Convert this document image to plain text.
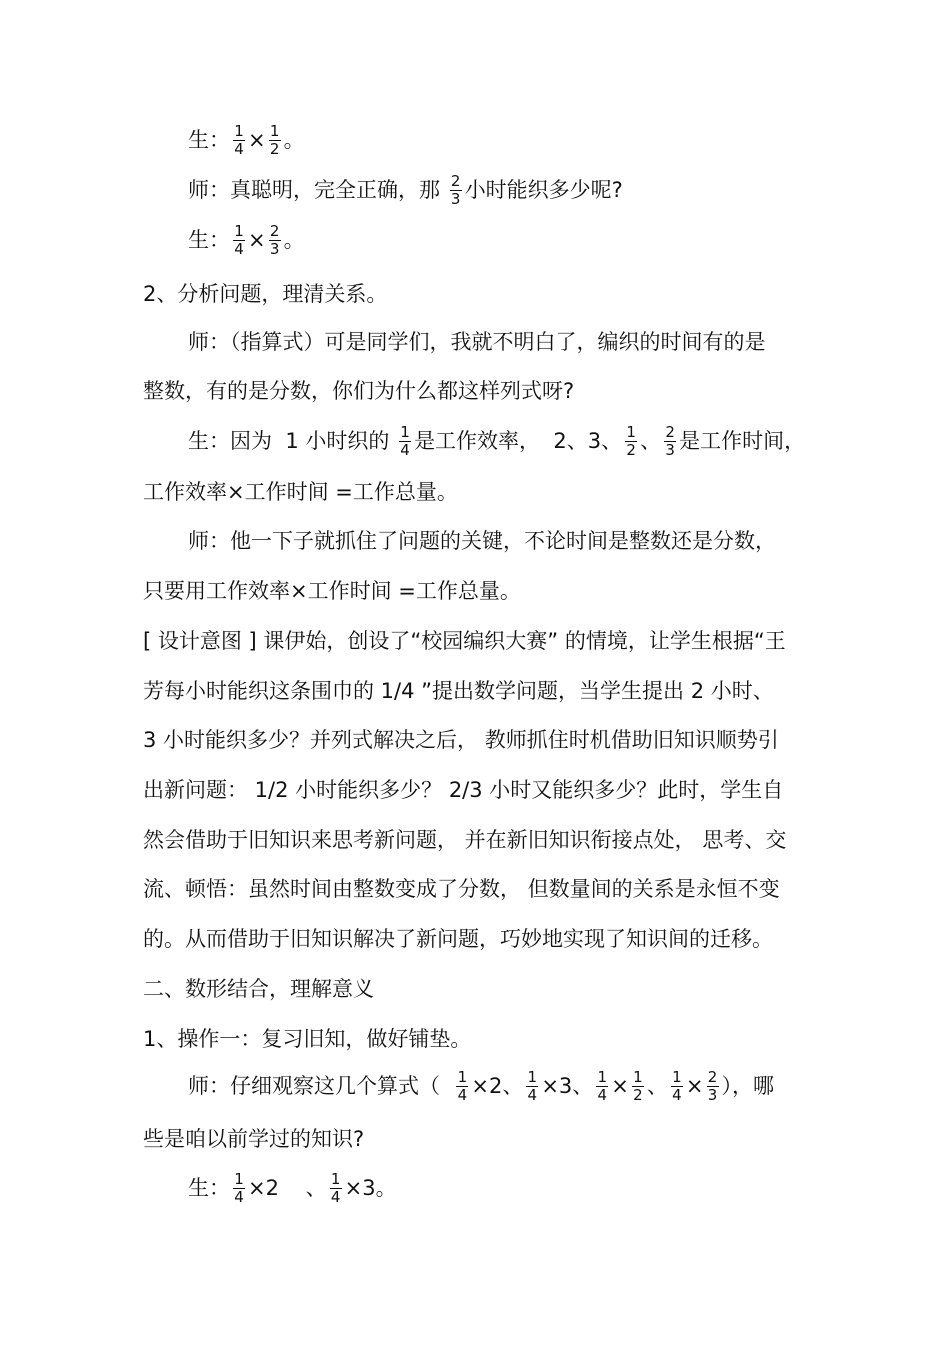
生： $\frac{1}{4} \times \frac{1}{2}$ 。
师：真聪明，完全正确，那 $\frac{2}{3}$ 小时能织多少呢?
生： $\frac{1}{4} \times \frac{2}{3}$ 。
2、分析问题，理清关系。
师：（指算式）可是同学们，我就不明白了，编织的时间有的是
整数，有的是分数，你们为什么都这样列式呀?
生：因为  1 小时织的 $\frac{1}{4}$ 是工作效率，  2、3、 $\frac{1}{2}$ 、 $\frac{2}{3}$ 是工作时间，
工作效率×工作时间 =工作总量。
师：他一下子就抓住了问题的关键，不论时间是整数还是分数，
只要用工作效率×工作时间 =工作总量。
[ 设计意图 ] 课伊始，创设了“校园编织大赛” 的情境，让学生根据“王
芳每小时能织这条围巾的 1/4 ”提出数学问题，当学生提出 2 小时、
3 小时能织多少？并列式解决之后， 教师抓住时机借助旧知识顺势引
出新问题： 1/2 小时能织多少？ 2/3 小时又能织多少？此时，学生自
然会借助于旧知识来思考新问题， 并在新旧知识衔接点处， 思考、交
流、顿悟：虽然时间由整数变成了分数， 但数量间的关系是永恒不变
的。从而借助于旧知识解决了新问题，巧妙地实现了知识间的迁移。
二、数形结合，理解意义
1、操作一：复习旧知，做好铺垫。
师：仔细观察这几个算式（ $\frac{1}{4} \times 2$、 $\frac{1}{4} \times 3$、 $\frac{1}{4} \times \frac{1}{2}$ 、 $\frac{1}{4} \times \frac{2}{3}$ ），哪
些是咱以前学过的知识?
生： $\frac{1}{4} \times 2$    、 $\frac{1}{4} \times 3$。
